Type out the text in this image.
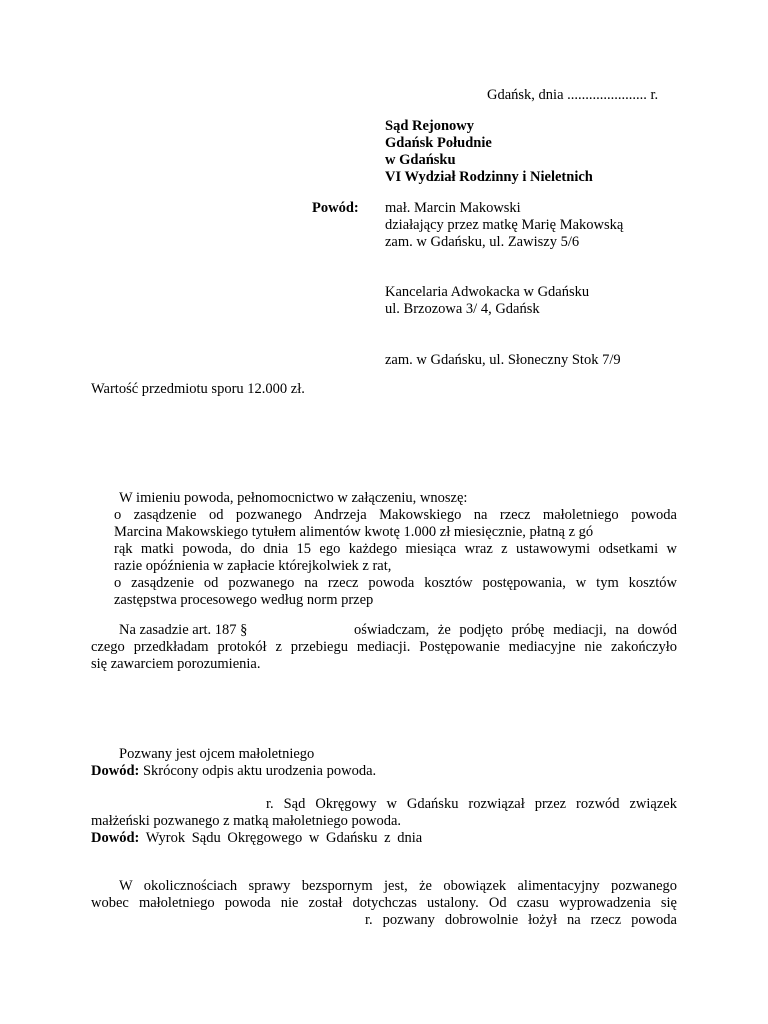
Gdańsk, dnia ...................... r.
Sąd Rejonowy
Gdańsk Południe
w Gdańsku
VI Wydział Rodzinny i Nieletnich
Powód: mał. Marcin Makowski
działający przez matkę Marię Makowską
zam. w Gdańsku, ul. Zawiszy 5/6
Kancelaria Adwokacka w Gdańsku
ul. Brzozowa 3/ 4, Gdańsk
zam. w Gdańsku, ul. Słoneczny Stok 7/9
Wartość przedmiotu sporu 12.000 zł.
W imieniu powoda, pełnomocnictwo w załączeniu, wnoszę:
o zasądzenie od pozwanego Andrzeja Makowskiego na rzecz małoletniego powoda
Marcina Makowskiego tytułem alimentów kwotę 1.000 zł miesięcznie, płatną z gó
rąk matki powoda, do dnia 15 ego każdego miesiąca wraz z ustawowymi odsetkami w
razie opóźnienia w zapłacie którejkolwiek z rat,
o zasądzenie od pozwanego na rzecz powoda kosztów postępowania, w tym kosztów
zastępstwa procesowego według norm przep
Na zasadzie art. 187 §	oświadczam, że podjęto próbę mediacji, na dowód
czego przedkładam protokół z przebiegu mediacji. Postępowanie mediacyjne nie zakończyło
się zawarciem porozumienia.
Pozwany jest ojcem małoletniego
Dowód: Skrócony odpis aktu urodzenia powoda.
r. Sąd Okręgowy w Gdańsku rozwiązał przez rozwód związek
małżeński pozwanego z matką małoletniego powoda.
Dowód: Wyrok Sądu Okręgowego w Gdańsku z dnia
W okolicznościach sprawy bezspornym jest, że obowiązek alimentacyjny pozwanego
wobec małoletniego powoda nie został dotychczas ustalony. Od czasu wyprowadzenia się
r. pozwany dobrowolnie łożył na rzecz powoda
